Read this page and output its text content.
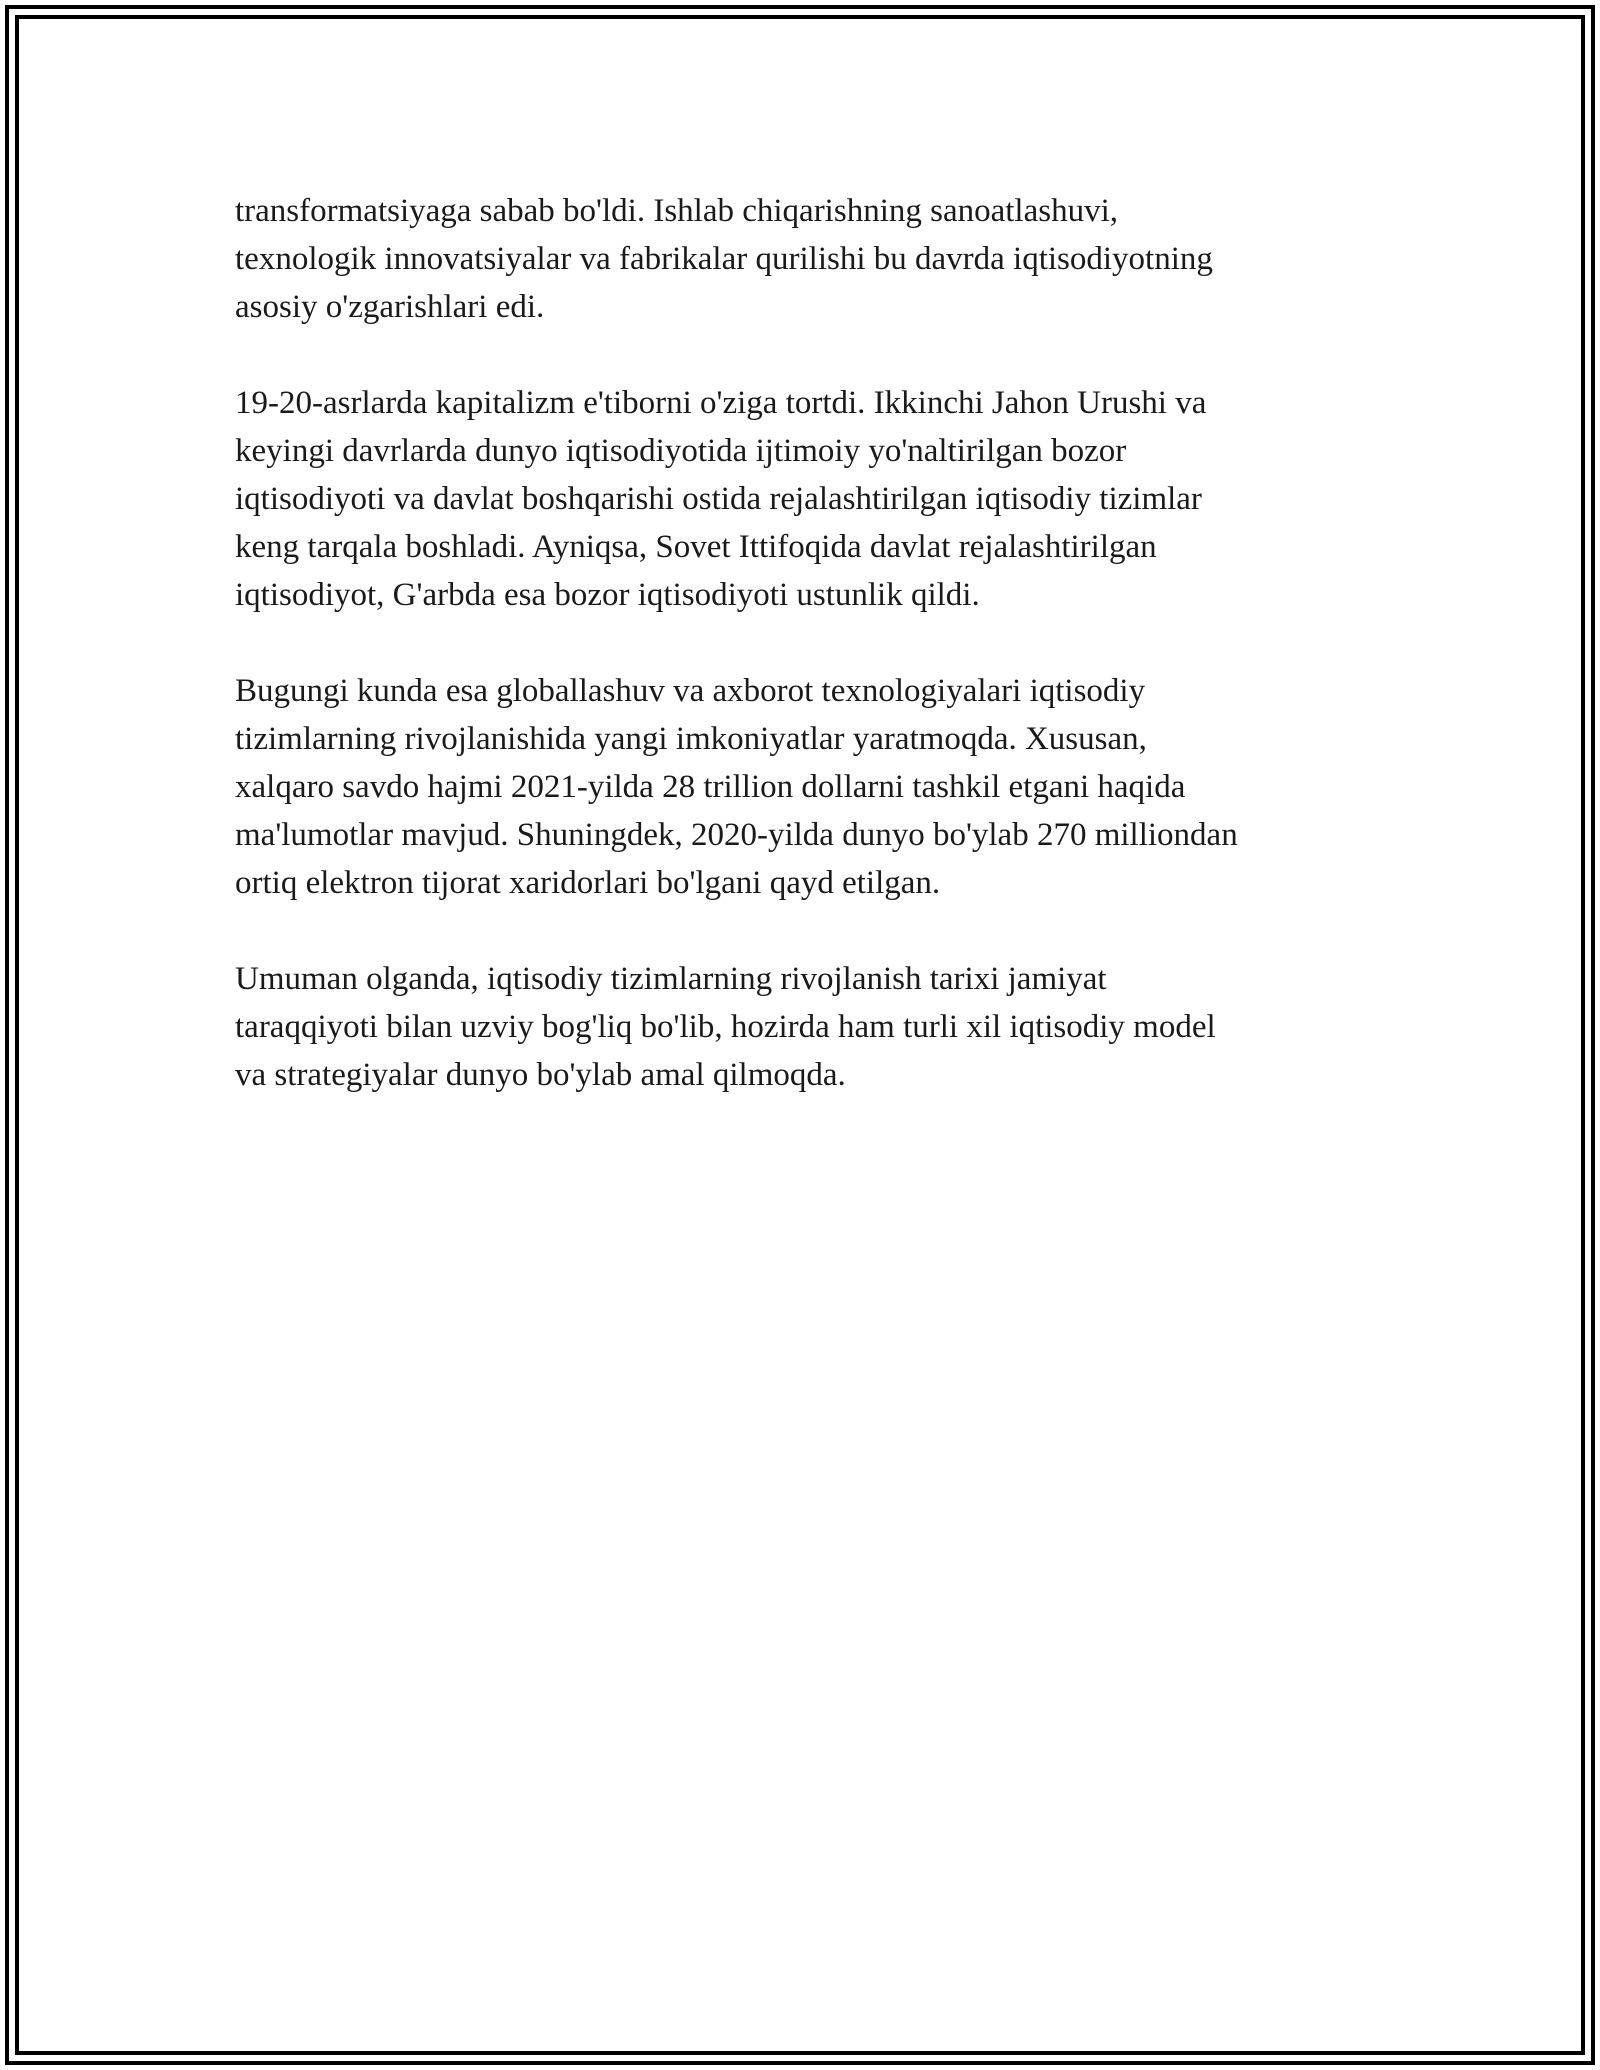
transformatsiyaga sabab bo'ldi. Ishlab chiqarishning sanoatlashuvi,
texnologik innovatsiyalar va fabrikalar qurilishi bu davrda iqtisodiyotning
asosiy o'zgarishlari edi.

19-20-asrlarda kapitalizm e'tiborni o'ziga tortdi. Ikkinchi Jahon Urushi va
keyingi davrlarda dunyo iqtisodiyotida ijtimoiy yo'naltirilgan bozor
iqtisodiyoti va davlat boshqarishi ostida rejalashtirilgan iqtisodiy tizimlar
keng tarqala boshladi. Ayniqsa, Sovet Ittifoqida davlat rejalashtirilgan
iqtisodiyot, G'arbda esa bozor iqtisodiyoti ustunlik qildi.

Bugungi kunda esa globallashuv va axborot texnologiyalari iqtisodiy
tizimlarning rivojlanishida yangi imkoniyatlar yaratmoqda. Xususan,
xalqaro savdo hajmi 2021-yilda 28 trillion dollarni tashkil etgani haqida
ma'lumotlar mavjud. Shuningdek, 2020-yilda dunyo bo'ylab 270 milliondan
ortiq elektron tijorat xaridorlari bo'lgani qayd etilgan.

Umuman olganda, iqtisodiy tizimlarning rivojlanish tarixi jamiyat
taraqqiyoti bilan uzviy bog'liq bo'lib, hozirda ham turli xil iqtisodiy model
va strategiyalar dunyo bo'ylab amal qilmoqda.
